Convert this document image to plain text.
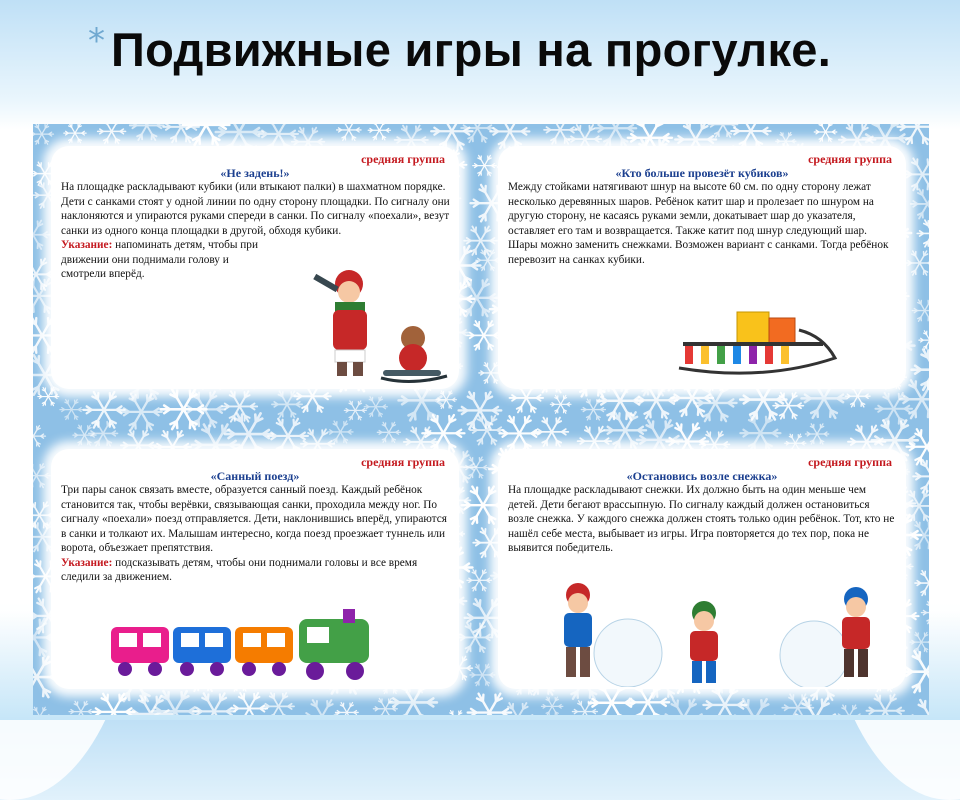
* Подвижные игры на прогулке.
средняя группа
«Не задень!»

На площадке раскладывают кубики (или втыкают палки) в шахматном порядке. Дети с санками стоят у одной линии по одну сторону площадки. По сигналу они наклоняются и упираются руками спереди в санки. По сигналу «поехали», везут санки из одного конца площадки в другой, обходя кубики.

Указание: напоминать детям, чтобы при движении они поднимали голову и смотрели вперёд.

средняя группа
«Кто больше провезёт кубиков»

Между стойками натягивают шнур на высоте 60 см. по одну сторону лежат несколько деревянных шаров. Ребёнок катит шар и пролезает по шнуром на другую сторону, не касаясь руками земли, докатывает шар до указателя, оставляет его там и возвращается. Также катит под шнур следующий шар. Шары можно заменить снежками. Возможен вариант с санками. Тогда ребёнок перевозит на санках кубики.

средняя группа
«Санный поезд»

Три пары санок связать вместе, образуется санный поезд. Каждый ребёнок становится так, чтобы верёвки, связывающая санки, проходила между ног. По сигналу «поехали» поезд отправляется. Дети, наклонившись вперёд, упираются в санки и толкают их. Малышам интересно, когда поезд проезжает туннель или ворота, объезжает препятствия.

Указание: подсказывать детям, чтобы они поднимали головы и все время следили за движением.

средняя группа
«Остановись возле снежка»

На площадке раскладывают снежки. Их должно быть на один меньше чем детей. Дети бегают врассыпную. По сигналу каждый должен остановиться возле снежка. У каждого снежка должен стоять только один ребёнок. Тот, кто не нашёл себе места, выбывает из игры. Игра повторяется до тех пор, пока не выявится победитель.
